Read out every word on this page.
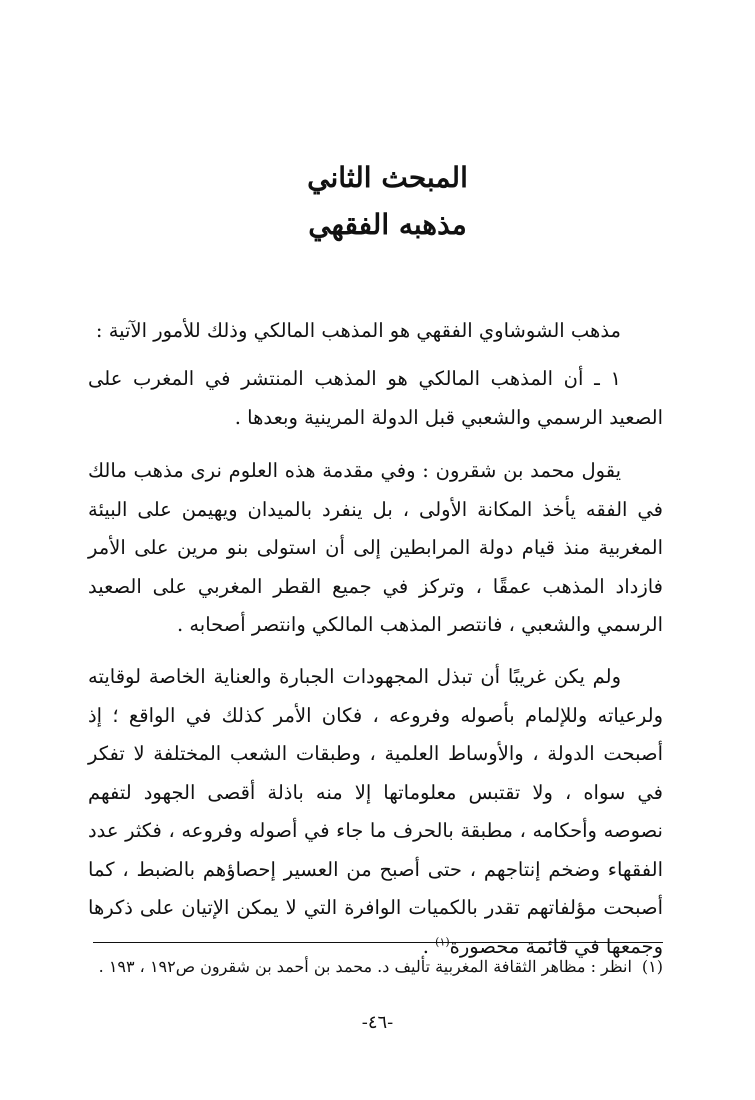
المبحث الثاني
مذهبه الفقهي

مذهب الشوشاوي الفقهي هو المذهب المالكي وذلك للأمور الآتية :

١ ـ أن المذهب المالكي هو المذهب المنتشر في المغرب على الصعيد الرسمي والشعبي قبل الدولة المرينية وبعدها .

يقول محمد بن شقرون : وفي مقدمة هذه العلوم نرى مذهب مالك في الفقه يأخذ المكانة الأولى ، بل ينفرد بالميدان ويهيمن على البيئة المغربية منذ قيام دولة المرابطين إلى أن استولى بنو مرين على الأمر فازداد المذهب عمقًا ، وتركز في جميع القطر المغربي على الصعيد الرسمي والشعبي ، فانتصر المذهب المالكي وانتصر أصحابه .

ولم يكن غريبًا أن تبذل المجهودات الجبارة والعناية الخاصة لوقايته ولرعياته وللإلمام بأصوله وفروعه ، فكان الأمر كذلك في الواقع ؛ إذ أصبحت الدولة ، والأوساط العلمية ، وطبقات الشعب المختلفة لا تفكر في سواه ، ولا تقتبس معلوماتها إلا منه باذلة أقصى الجهود لتفهم نصوصه وأحكامه ، مطبقة بالحرف ما جاء في أصوله وفروعه ، فكثر عدد الفقهاء وضخم إنتاجهم ، حتى أصبح من العسير إحصاؤهم بالضبط ، كما أصبحت مؤلفاتهم تقدر بالكميات الوافرة التي لا يمكن الإتيان على ذكرها وجمعها في قائمة محصورة$^{(١)}$ .

(١)انظر : مظاهر الثقافة المغربية تأليف د. محمد بن أحمد بن شقرون ص١٩٢ ، ١٩٣ .
-٤٦-
